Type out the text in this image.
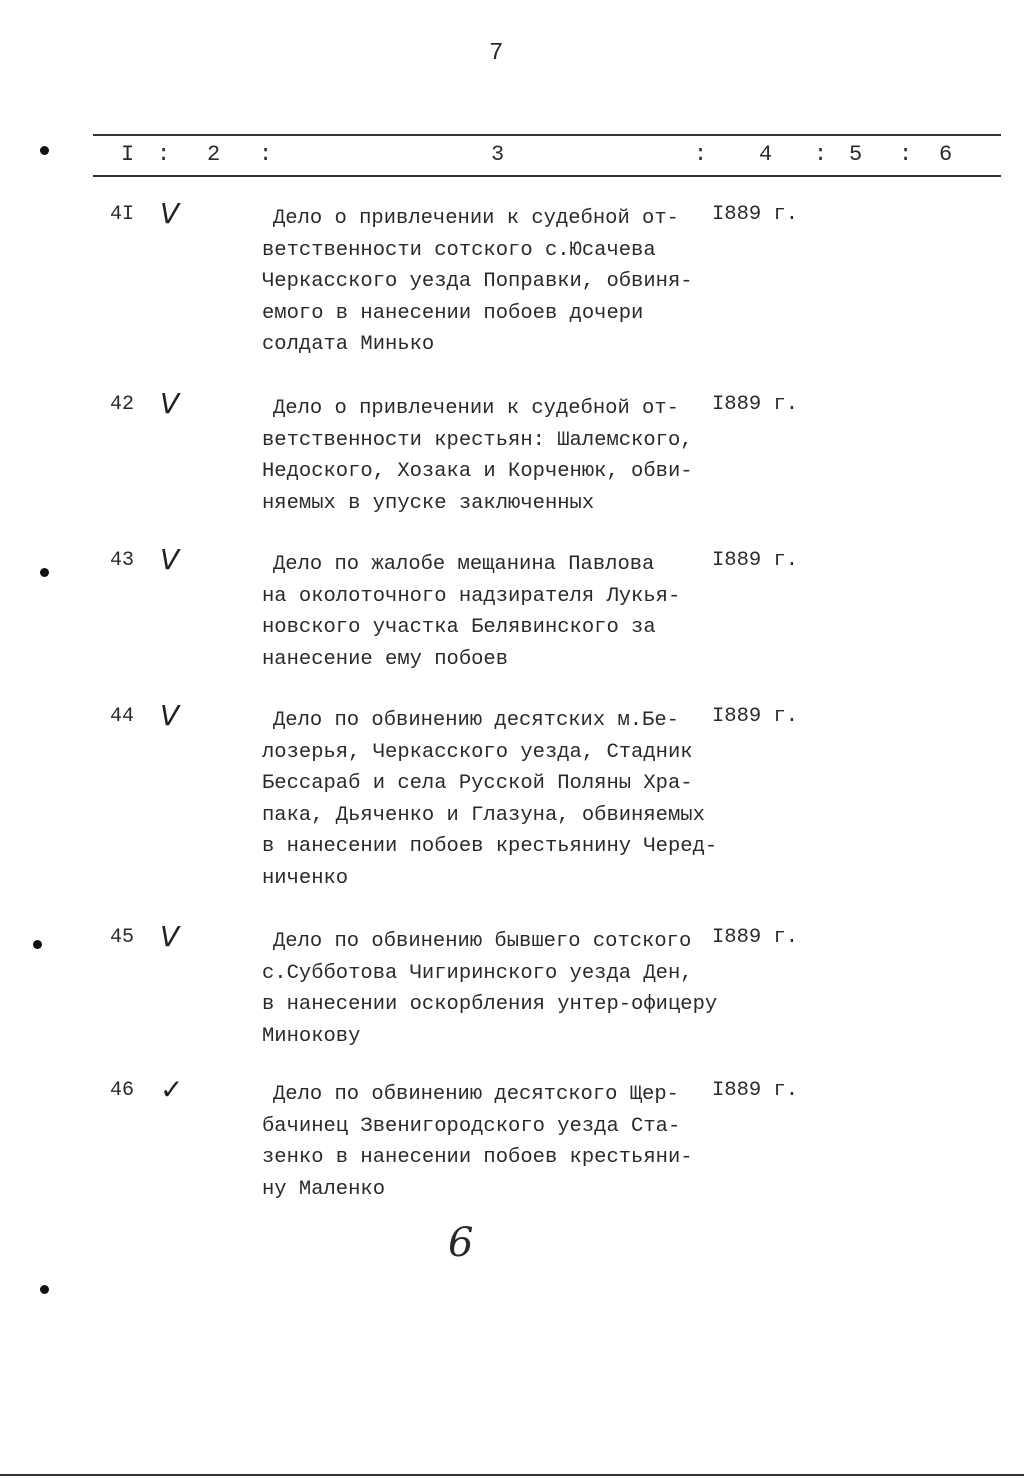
7
I : 2 :	3	: 4 : 5 : 6
4I V	Дело о привлечении к судебной от-
ветственности сотского с.Юсачева
Черкасского уезда Поправки, обвиня-
емого в нанесении побоев дочери
солдата Минько
I889 г.
42 V	Дело о привлечении к судебной от-
ветственности крестьян: Шалемского,
Недоского, Хозака и Корченюк, обви-
няемых в упуске заключенных
I889 г.
43 V	Дело по жалобе мещанина Павлова
на околоточного надзирателя Лукья-
новского участка Белявинского за
нанесение ему побоев
I889 г.
44 V	Дело по обвинению десятских м.Бе-
лозерья, Черкасского уезда, Стадник
Бессараб и села Русской Поляны Хра-
пака, Дьяченко и Глазуна, обвиняемых
в нанесении побоев крестьянину Черед-
ниченко
I889 г.
45 V	Дело по обвинению бывшего сотского
с.Субботова Чигиринского уезда Ден,
в нанесении оскорбления унтер-офицеру
Минокову
I889 г.
46 ✓	Дело по обвинению десятского Щер-
бачинец Звенигородского уезда Ста-
зенко в нанесении побоев крестьяни-
ну Маленко
I889 г.
6
